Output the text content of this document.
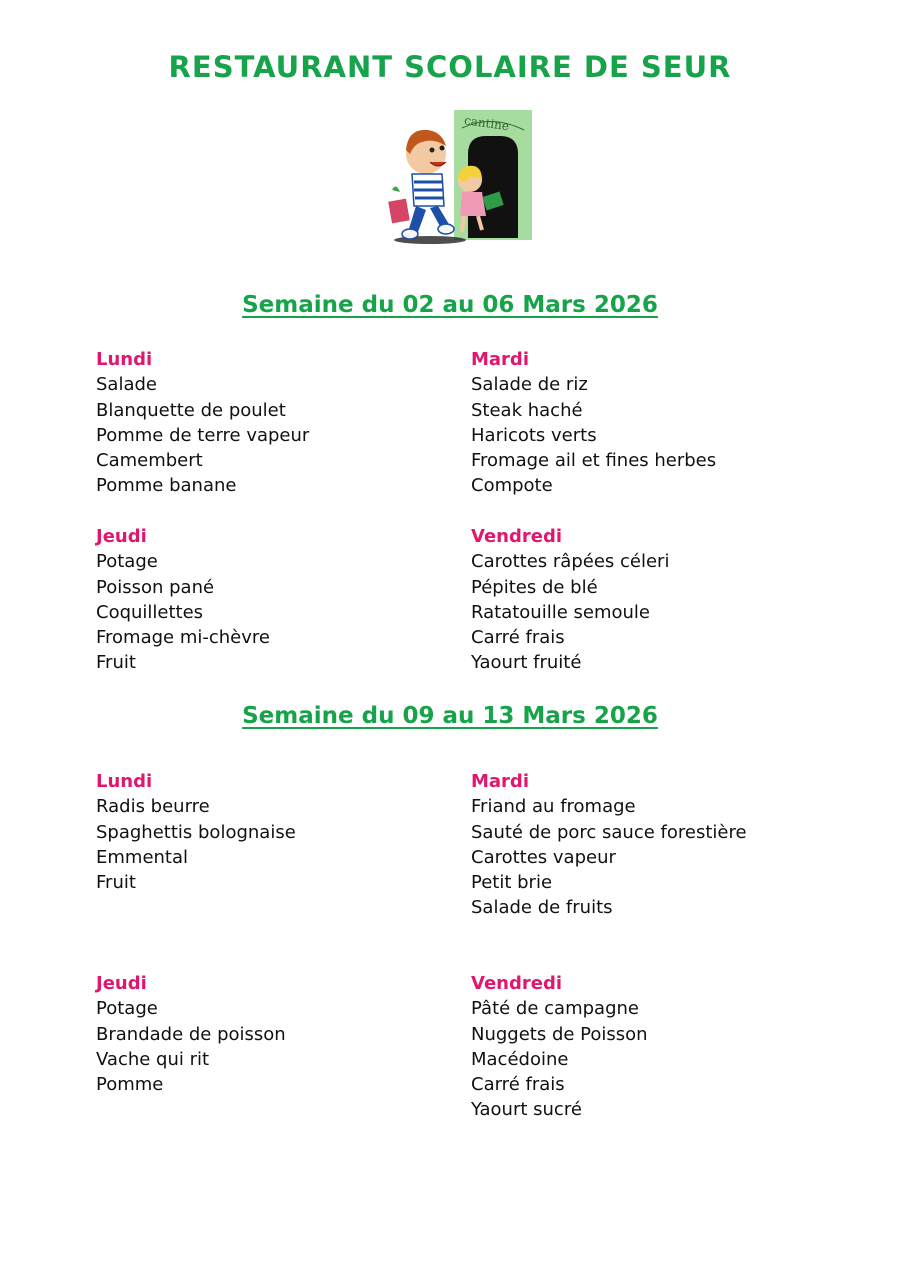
RESTAURANT SCOLAIRE DE SEUR
cantine
Semaine du 02 au 06 Mars 2026
Lundi
Salade
Blanquette de poulet
Pomme de terre vapeur
Camembert
Pomme banane
Mardi
Salade de riz
Steak haché
Haricots verts
Fromage ail et fines herbes
Compote
Jeudi
Potage
Poisson pané
Coquillettes
Fromage mi-chèvre
Fruit
Vendredi
Carottes râpées céleri
Pépites de blé
Ratatouille semoule
Carré frais
Yaourt fruité
Semaine du 09 au 13 Mars 2026
Lundi
Radis beurre
Spaghettis bolognaise
Emmental
Fruit
Mardi
Friand au fromage
Sauté de porc sauce forestière
Carottes vapeur
Petit brie
Salade de fruits
Jeudi
Potage
Brandade de poisson
Vache qui rit
Pomme
Vendredi
Pâté de campagne
Nuggets de Poisson
Macédoine
Carré frais
Yaourt sucré
